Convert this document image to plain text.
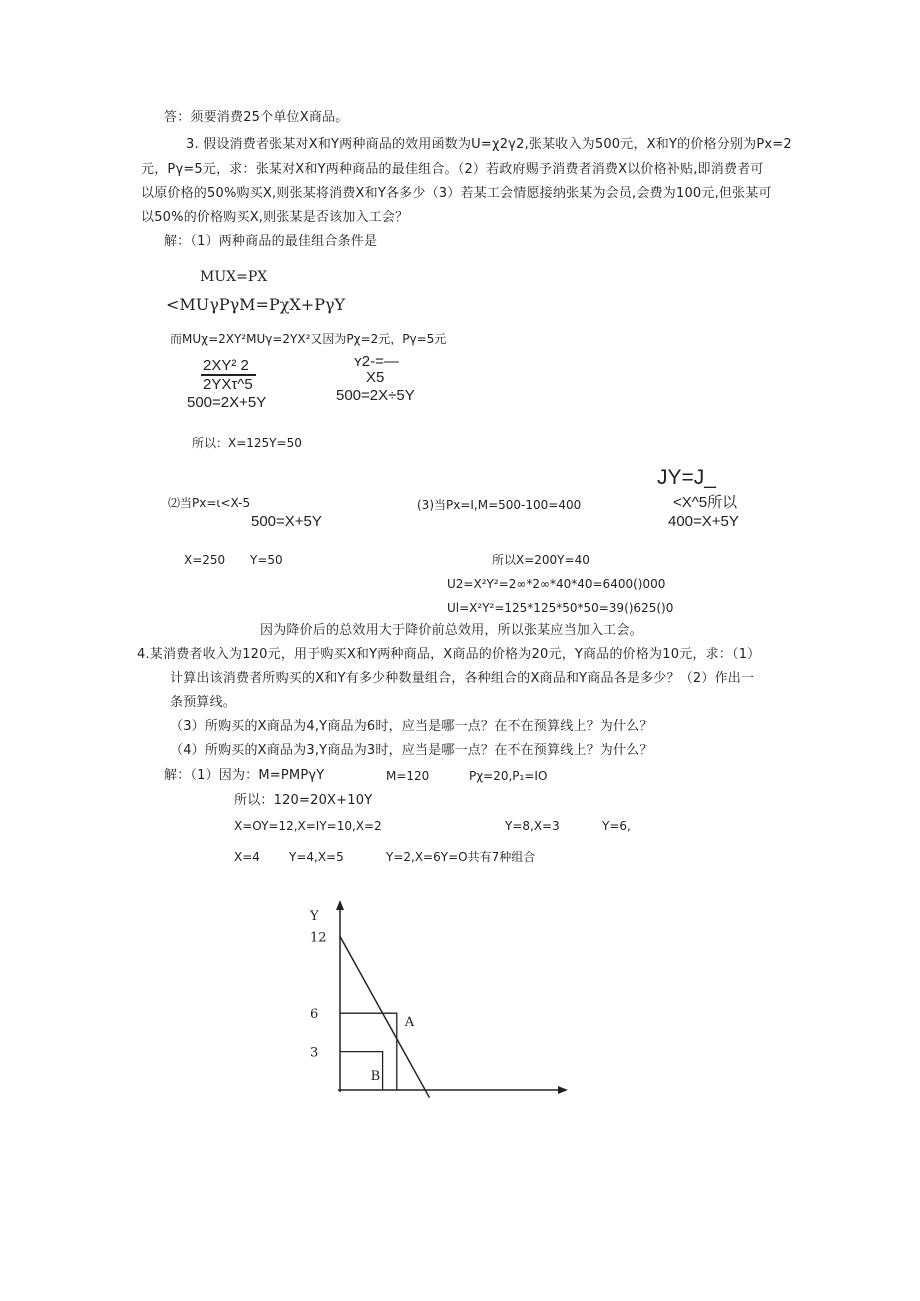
答：须要消费25个单位X商品。
3. 假设消费者张某对X和Y两种商品的效用函数为U=χ2γ2,张某收入为500元，X和Y的价格分别为Px=2
元，Pγ=5元，求：张某对X和Y两种商品的最佳组合。（2）若政府赐予消费者消费X以价格补贴,即消费者可
以原价格的50%购买X,则张某将消费X和Y各多少（3）若某工会情愿接纳张某为会员,会费为100元,但张某可
以50%的价格购买X,则张某是否该加入工会？
解：（1）两种商品的最佳组合条件是
MUX=PX
<MUγPγM=PχX+PγY
而MUχ=2XY²MUγ=2YX²又因为Pχ=2元，Pγ=5元
2XY² 2
2YXτ^5
500=2X+5Y
ʏ2-=—
X5
500=2X÷5Y
所以：X=125Y=50
⑵当Px=ι<X-5
500=X+5Y
(3)当Px=I,M=500-100=400
JY=J_
<X^5所以
400=X+5Y
X=250 Y=50	所以X=200Y=40
U2=X²Y²=2∞*2∞*40*40=6400()000
Ul=X²Y²=125*125*50*50=39()625()0
因为降价后的总效用大于降价前总效用，所以张某应当加入工会。
4.某消费者收入为120元，用于购买X和Y两种商品，X商品的价格为20元，Y商品的价格为10元，求：（1）
计算出该消费者所购买的X和Y有多少种数量组合，各种组合的X商品和Y商品各是多少？（2）作出一
条预算线。
（3）所购买的X商品为4,Y商品为6时，应当是哪一点？在不在预算线上？为什么？
（4）所购买的X商品为3,Y商品为3时，应当是哪一点？在不在预算线上？为什么？
解：（1）因为：M=PMPγY	M=120	Pχ=20,P₁=IO
所以：120=20X+10Y
X=OY=12,X=IY=10,X=2	Y=8,X=3	Y=6,
X=4 Y=4,X=5	Y=2,X=6Y=O共有7种组合
Y
12
6
3
A
B
